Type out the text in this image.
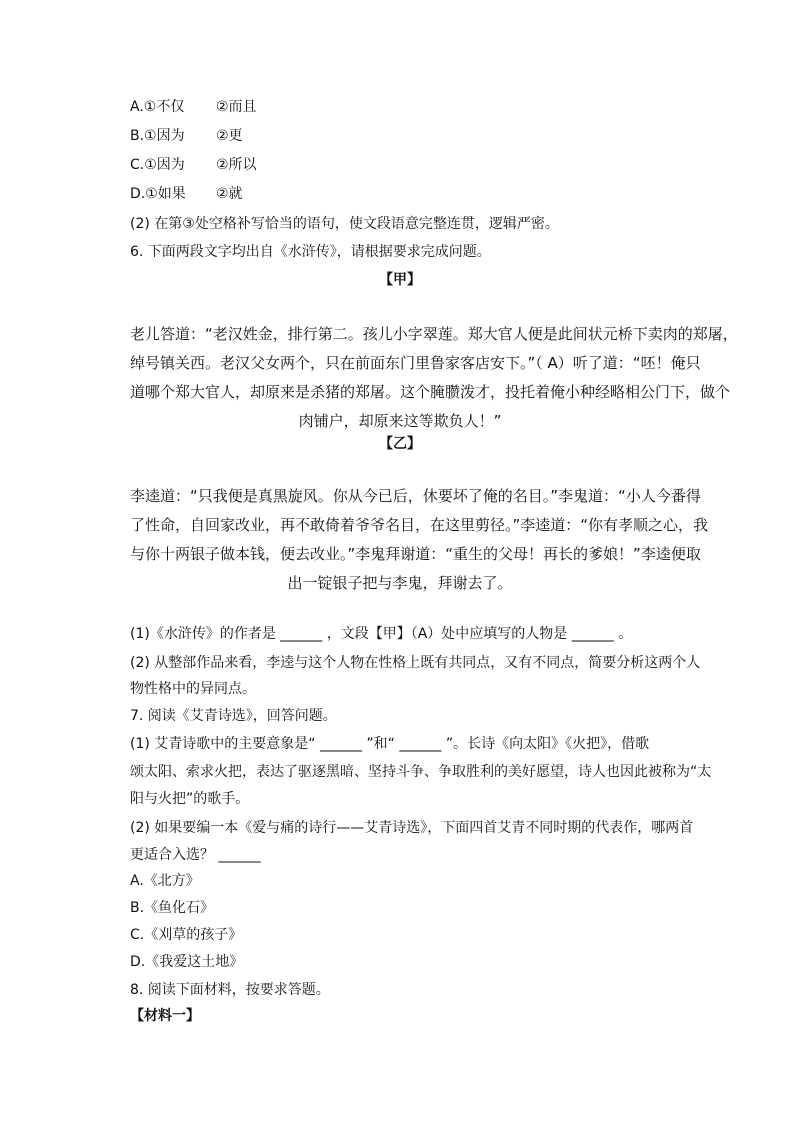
A.①不仅 ②而且
B.①因为 ②更
C.①因为 ②所以
D.①如果 ②就
(2) 在第③处空格补写恰当的语句，使文段语意完整连贯，逻辑严密。
6. 下面两段文字均出自《水浒传》，请根据要求完成问题。
【甲】
老儿答道：“老汉姓金，排行第二。孩儿小字翠莲。郑大官人便是此间状元桥下卖肉的郑屠，
绰号镇关西。老汉父女两个，只在前面东门里鲁家客店安下。”（ A）听了道：“呸！俺只
道哪个郑大官人，却原来是杀猪的郑屠。这个腌臜泼才，投托着俺小种经略相公门下，做个
肉铺户，却原来这等欺负人！”
【乙】
李逵道：“只我便是真黑旋风。你从今已后，休要坏了俺的名目。”李鬼道：“小人今番得
了性命，自回家改业，再不敢倚着爷爷名目，在这里剪径。”李逵道：“你有孝顺之心，我
与你十两银子做本钱，便去改业。”李鬼拜谢道：“重生的父母！再长的爹娘！”李逵便取
出一锭银子把与李鬼，拜谢去了。
(1)《水浒传》的作者是 ______ ，文段【甲】（A）处中应填写的人物是 ______ 。
(2) 从整部作品来看，李逵与这个人物在性格上既有共同点，又有不同点，简要分析这两个人
物性格中的异同点。
7. 阅读《艾青诗选》，回答问题。
(1) 艾青诗歌中的主要意象是“ ______ ”和“ ______ ”。长诗《向太阳》《火把》，借歌
颂太阳、索求火把，表达了驱逐黑暗、坚持斗争、争取胜利的美好愿望，诗人也因此被称为“太
阳与火把”的歌手。
(2) 如果要编一本《爱与痛的诗行——艾青诗选》，下面四首艾青不同时期的代表作，哪两首
更适合入选？ ______
A.《北方》
B.《鱼化石》
C.《刈草的孩子》
D.《我爱这土地》
8. 阅读下面材料，按要求答题。
【材料一】
